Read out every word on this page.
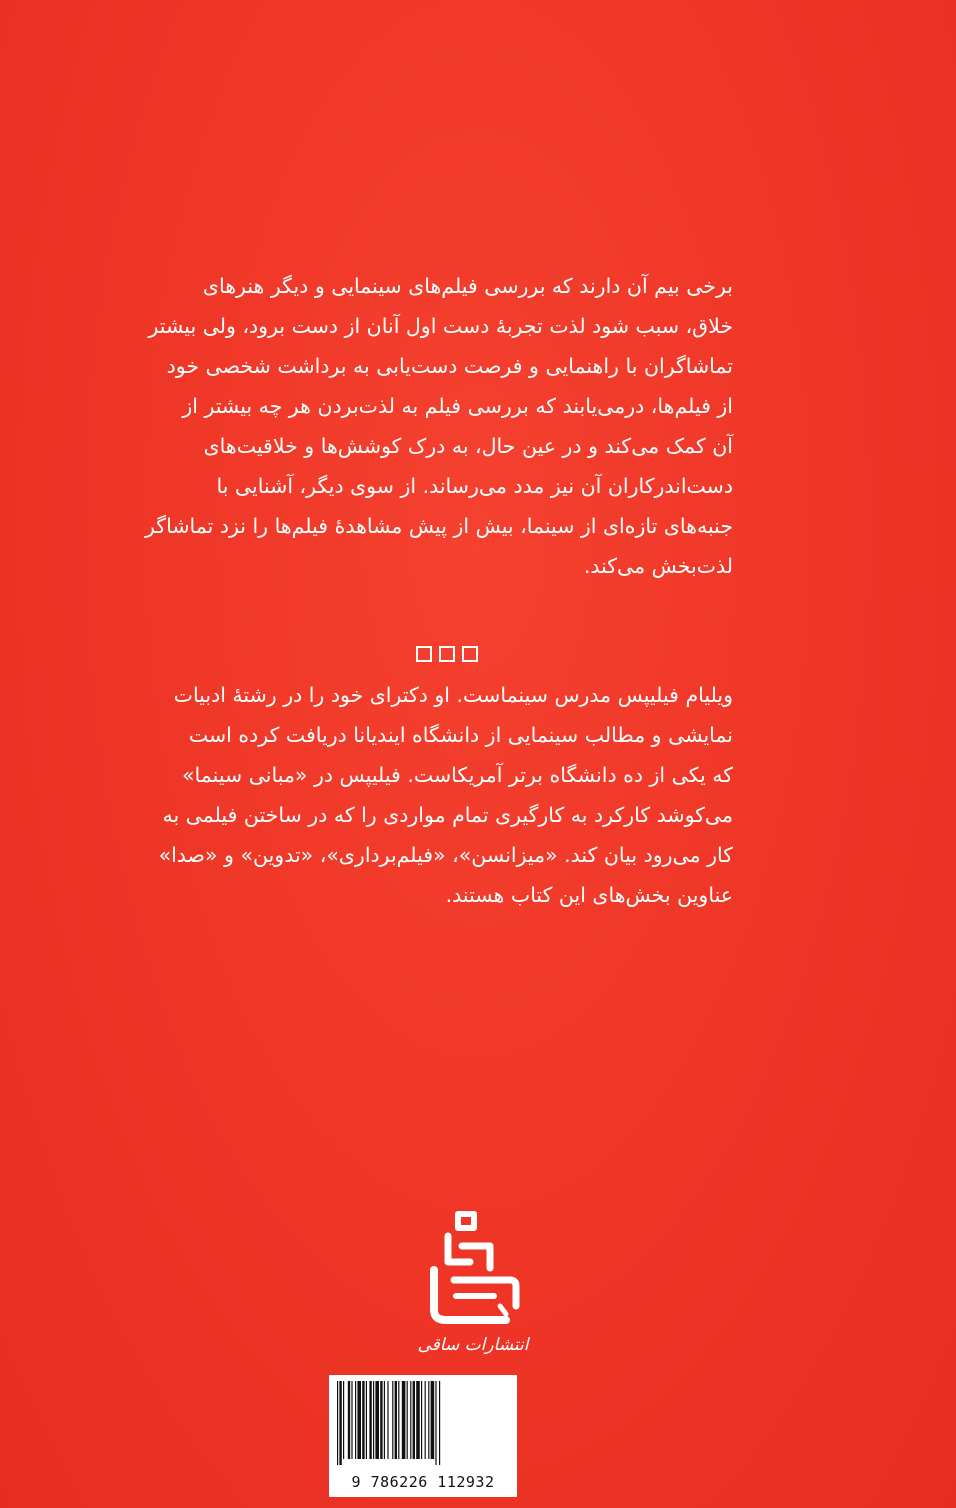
برخی بیم آن دارند که بررسی فیلم‌های سینمایی و دیگر هنرهای
خلاق، سبب شود لذت تجربهٔ دست اول آنان از دست برود، ولی بیشتر
تماشاگران با راهنمایی و فرصت دست‌یابی به برداشت شخصی خود
از فیلم‌ها، درمی‌یابند که بررسی فیلم به لذت‌بردن هر چه بیشتر از
آن کمک می‌کند و در عین حال، به درک کوشش‌ها و خلاقیت‌های
دست‌اندرکاران آن نیز مدد می‌رساند. از سوی دیگر، آشنایی با
جنبه‌های تازه‌ای از سینما، بیش از پیش مشاهدهٔ فیلم‌ها را نزد تماشاگر
لذت‌بخش می‌کند.
ویلیام فیلیپس مدرس سینماست. او دکترای خود را در رشتهٔ ادبیات
نمایشی و مطالب سینمایی از دانشگاه ایندیانا دریافت کرده است
که یکی از ده دانشگاه برتر آمریکاست. فیلیپس در «مبانی سینما»
می‌کوشد کارکرد به کارگیری تمام مواردی را که در ساختن فیلمی به
کار می‌رود بیان کند. «میزانسن»، «فیلم‌برداری»، «تدوین» و «صدا»
عناوین بخش‌های این کتاب هستند.
انتشارات ساقی
9 786226 112932
